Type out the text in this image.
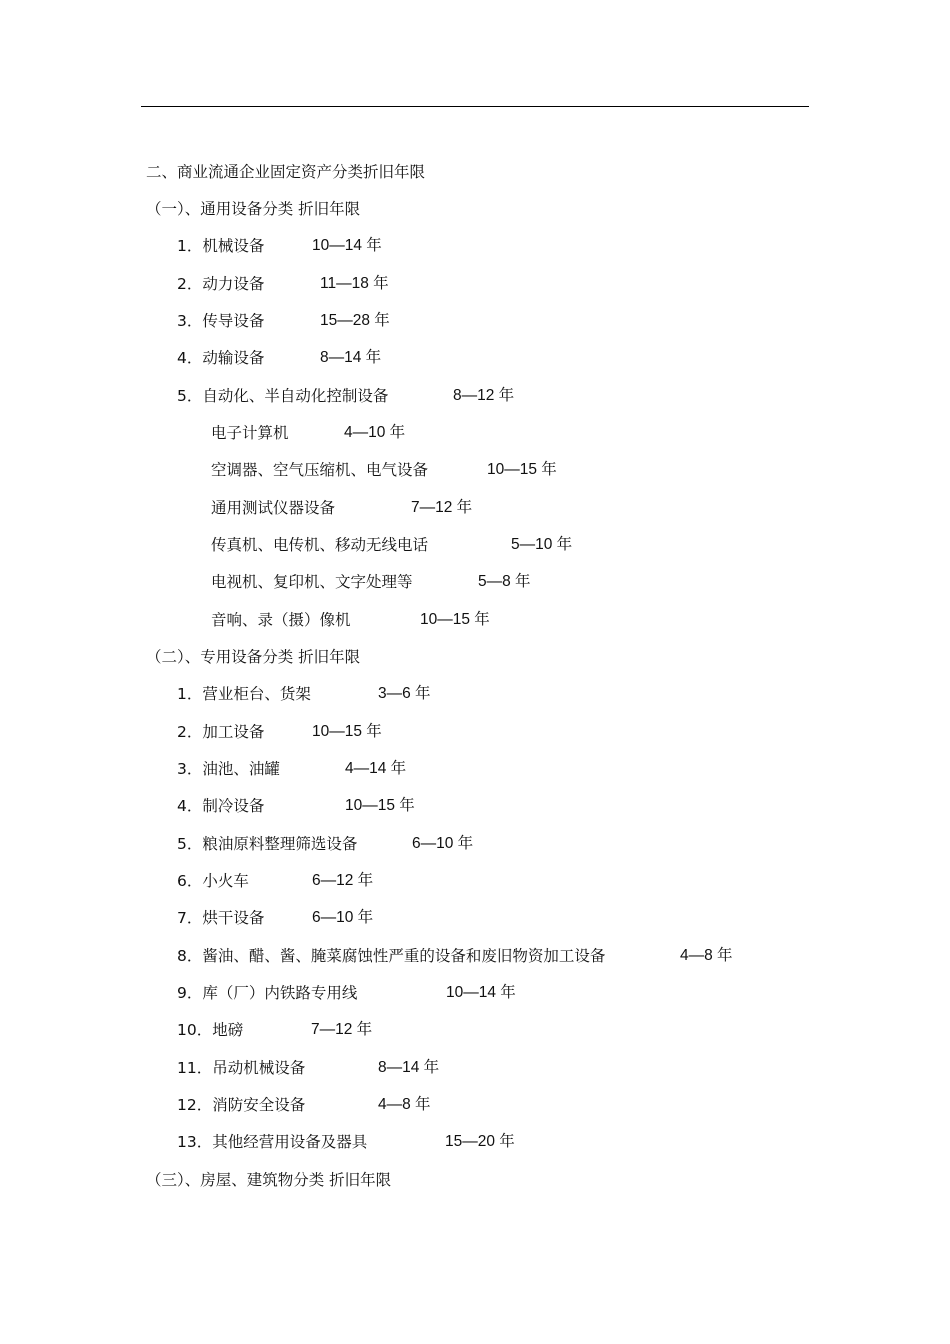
二、商业流通企业固定资产分类折旧年限
（一）、通用设备分类 折旧年限
1．机械设备	10—14 年
2．动力设备	11—18 年
3．传导设备	15—28 年
4．动输设备	8—14 年
5．自动化、半自动化控制设备	8—12 年
电子计算机	4—10 年
空调器、空气压缩机、电气设备	10—15 年
通用测试仪器设备	7—12 年
传真机、电传机、移动无线电话	5—10 年
电视机、复印机、文字处理等	5—8 年
音响、录（摄）像机	10—15 年
（二）、专用设备分类 折旧年限
1．营业柜台、货架	3—6 年
2．加工设备	10—15 年
3．油池、油罐	4—14 年
4．制冷设备	10—15 年
5．粮油原料整理筛选设备	6—10 年
6．小火车	6—12 年
7．烘干设备	6—10 年
8．酱油、醋、酱、腌菜腐蚀性严重的设备和废旧物资加工设备	4—8 年
9．库（厂）内铁路专用线	10—14 年
10．地磅	7—12 年
11．吊动机械设备	8—14 年
12．消防安全设备	4—8 年
13．其他经营用设备及器具	15—20 年
（三）、房屋、建筑物分类 折旧年限
